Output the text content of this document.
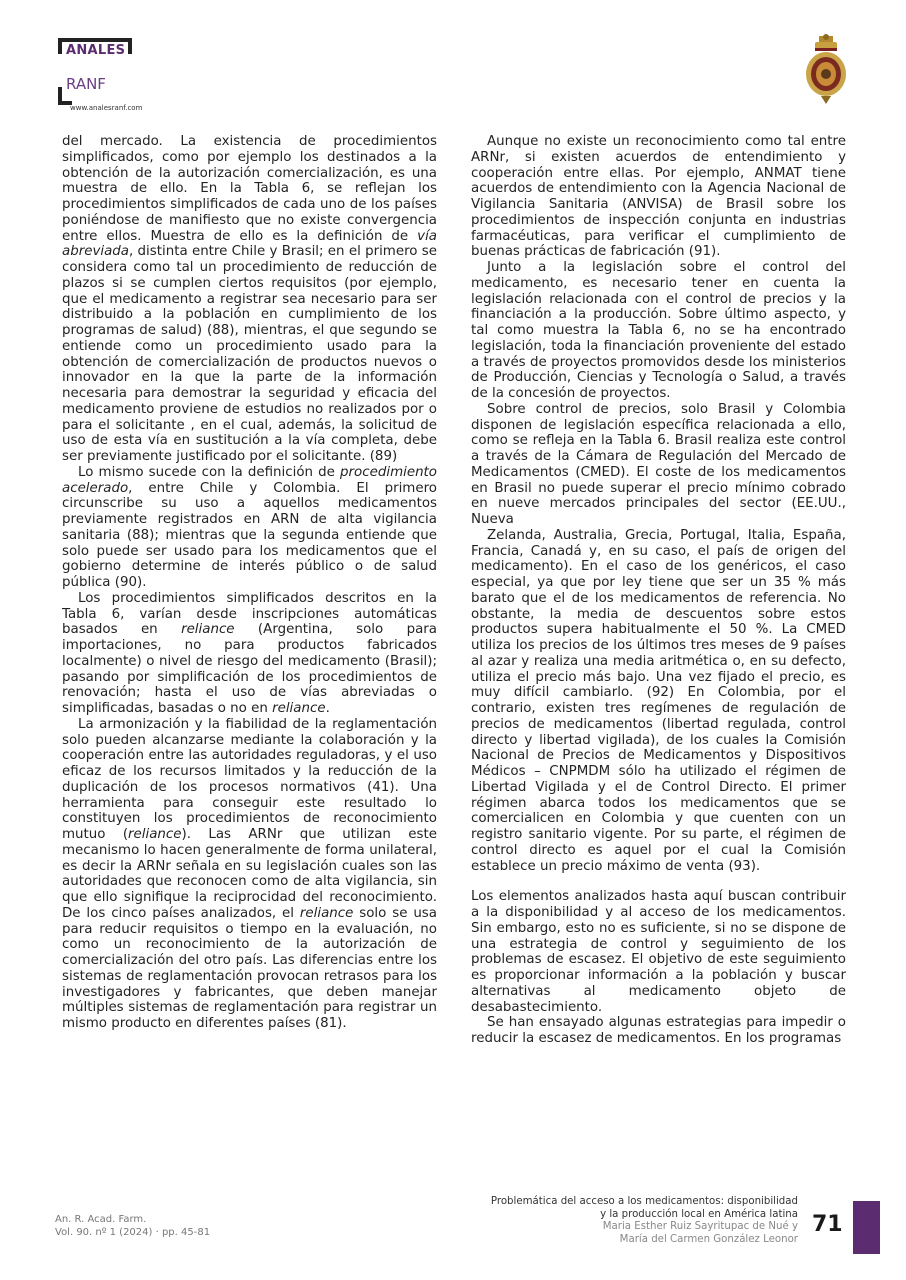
ANALES
RANF
www.analesranf.com

del mercado. La existencia de procedimientos simplificados, como por ejemplo los destinados a la obtención de la autorización comercialización, es una muestra de ello. En la Tabla 6, se reflejan los procedimientos simplificados de cada uno de los países poniéndose de manifiesto que no existe convergencia entre ellos. Muestra de ello es la definición de vía abreviada, distinta entre Chile y Brasil; en el primero se considera como tal un procedimiento de reducción de plazos si se cumplen ciertos requisitos (por ejemplo, que el medicamento a registrar sea necesario para ser distribuido a la población en cumplimiento de los programas de salud) (88), mientras, el que segundo se entiende como un procedimiento usado para la obtención de comercialización de productos nuevos o innovador en la que la parte de la información necesaria para demostrar la seguridad y eficacia del medicamento proviene de estudios no realizados por o para el solicitante , en el cual, además, la solicitud de uso de esta vía en sustitución a la vía completa, debe ser previamente justificado por el solicitante. (89)

Lo mismo sucede con la definición de procedimiento acelerado, entre Chile y Colombia. El primero circunscribe su uso a aquellos medicamentos previamente registrados en ARN de alta vigilancia sanitaria (88); mientras que la segunda entiende que solo puede ser usado para los medicamentos que el gobierno determine de interés público o de salud pública (90).

Los procedimientos simplificados descritos en la Tabla 6, varían desde inscripciones automáticas basados en reliance (Argentina, solo para importaciones, no para productos fabricados localmente) o nivel de riesgo del medicamento (Brasil); pasando por simplificación de los procedimientos de renovación; hasta el uso de vías abreviadas o simplificadas, basadas o no en reliance.

La armonización y la fiabilidad de la reglamentación solo pueden alcanzarse mediante la colaboración y la cooperación entre las autoridades reguladoras, y el uso eficaz de los recursos limitados y la reducción de la duplicación de los procesos normativos (41). Una herramienta para conseguir este resultado lo constituyen los procedimientos de reconocimiento mutuo (reliance). Las ARNr que utilizan este mecanismo lo hacen generalmente de forma unilateral, es decir la ARNr señala en su legislación cuales son las autoridades que reconocen como de alta vigilancia, sin que ello signifique la reciprocidad del reconocimiento. De los cinco países analizados, el reliance solo se usa para reducir requisitos o tiempo en la evaluación, no como un reconocimiento de la autorización de comercialización del otro país. Las diferencias entre los sistemas de reglamentación provocan retrasos para los investigadores y fabricantes, que deben manejar múltiples sistemas de reglamentación para registrar un mismo producto en diferentes países (81).

Aunque no existe un reconocimiento como tal entre ARNr, si existen acuerdos de entendimiento y cooperación entre ellas. Por ejemplo, ANMAT tiene acuerdos de entendimiento con la Agencia Nacional de Vigilancia Sanitaria (ANVISA) de Brasil sobre los procedimientos de inspección conjunta en industrias farmacéuticas, para verificar el cumplimiento de buenas prácticas de fabricación (91).

Junto a la legislación sobre el control del medicamento, es necesario tener en cuenta la legislación relacionada con el control de precios y la financiación a la producción. Sobre último aspecto, y tal como muestra la Tabla 6, no se ha encontrado legislación, toda la financiación proveniente del estado a través de proyectos promovidos desde los ministerios de Producción, Ciencias y Tecnología o Salud, a través de la concesión de proyectos.

Sobre control de precios, solo Brasil y Colombia disponen de legislación específica relacionada a ello, como se refleja en la Tabla 6. Brasil realiza este control a través de la Cámara de Regulación del Mercado de Medicamentos (CMED). El coste de los medicamentos en Brasil no puede superar el precio mínimo cobrado en nueve mercados principales del sector (EE.UU., Nueva

Zelanda, Australia, Grecia, Portugal, Italia, España, Francia, Canadá y, en su caso, el país de origen del medicamento). En el caso de los genéricos, el caso especial, ya que por ley tiene que ser un 35 % más barato que el de los medicamentos de referencia. No obstante, la media de descuentos sobre estos productos supera habitualmente el 50 %. La CMED utiliza los precios de los últimos tres meses de 9 países al azar y realiza una media aritmética o, en su defecto, utiliza el precio más bajo. Una vez fijado el precio, es muy difícil cambiarlo. (92) En Colombia, por el contrario, existen tres regímenes de regulación de precios de medicamentos (libertad regulada, control directo y libertad vigilada), de los cuales la Comisión Nacional de Precios de Medicamentos y Dispositivos Médicos – CNPMDM sólo ha utilizado el régimen de Libertad Vigilada y el de Control Directo. El primer régimen abarca todos los medicamentos que se comercialicen en Colombia y que cuenten con un registro sanitario vigente. Por su parte, el régimen de control directo es aquel por el cual la Comisión establece un precio máximo de venta (93).

Los elementos analizados hasta aquí buscan contribuir a la disponibilidad y al acceso de los medicamentos. Sin embargo, esto no es suficiente, si no se dispone de una estrategia de control y seguimiento de los problemas de escasez. El objetivo de este seguimiento es proporcionar información a la población y buscar alternativas al medicamento objeto de desabastecimiento.

Se han ensayado algunas estrategias para impedir o reducir la escasez de medicamentos. En los programas

An. R. Acad. Farm.
Vol. 90. nº 1 (2024) · pp. 45-81
Problemática del acceso a los medicamentos: disponibilidad
y la producción local en América latina
Maria Esther Ruiz Sayritupac de Nué y
María del Carmen González Leonor
71
